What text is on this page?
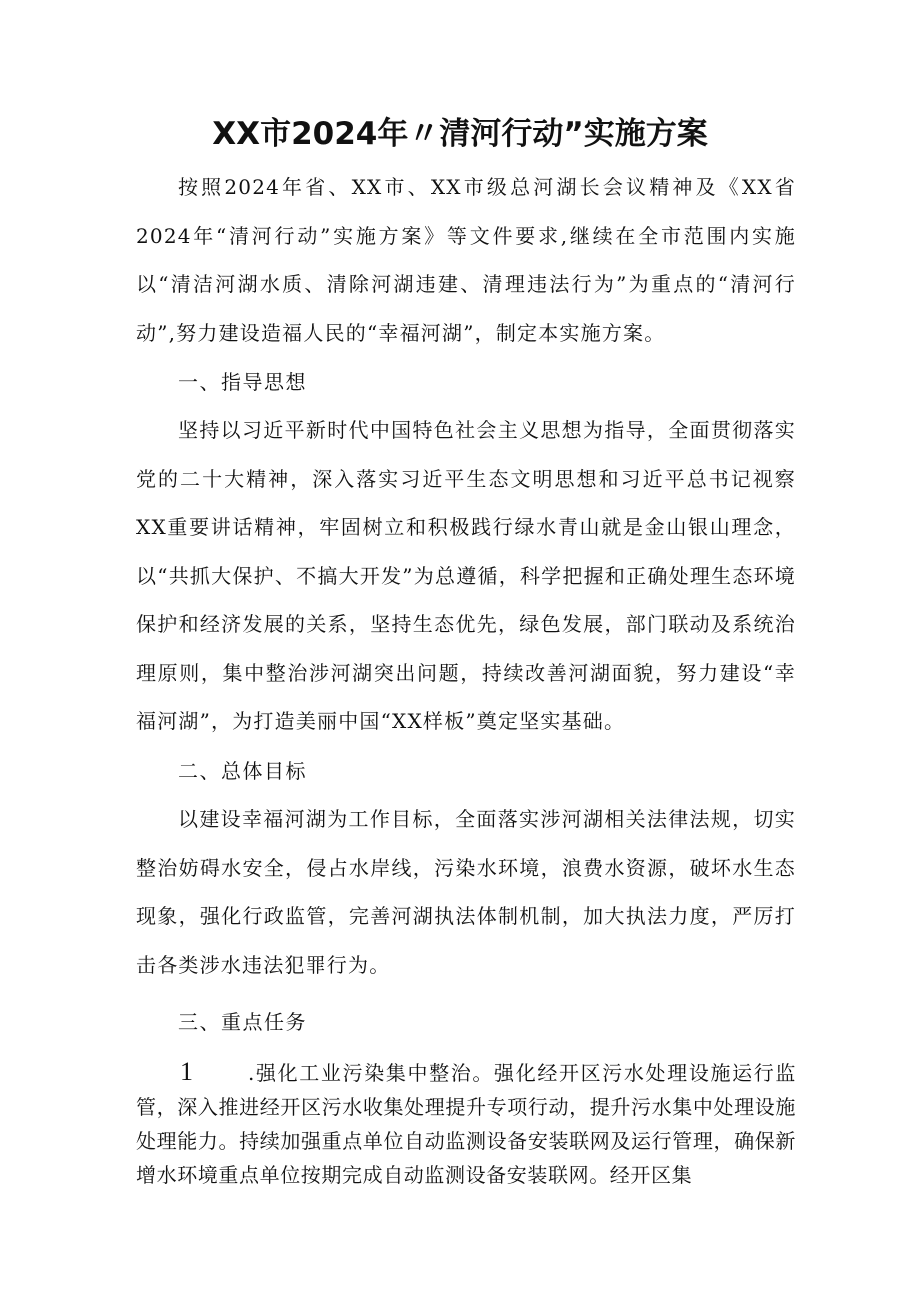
XX市2024年〃清河行动”实施方案

按照2024年省、XX市、XX市级总河湖长会议精神及《XX省2024年“清河行动”实施方案》等文件要求,继续在全市范围内实施以“清洁河湖水质、清除河湖违建、清理违法行为”为重点的“清河行动”,努力建设造福人民的“幸福河湖”，制定本实施方案。

一、指导思想

坚持以习近平新时代中国特色社会主义思想为指导，全面贯彻落实党的二十大精神，深入落实习近平生态文明思想和习近平总书记视察XX重要讲话精神，牢固树立和积极践行绿水青山就是金山银山理念，以“共抓大保护、不搞大开发”为总遵循，科学把握和正确处理生态环境保护和经济发展的关系，坚持生态优先，绿色发展，部门联动及系统治理原则，集中整治涉河湖突出问题，持续改善河湖面貌，努力建设“幸福河湖”，为打造美丽中国“XX样板”奠定坚实基础。

二、总体目标

以建设幸福河湖为工作目标，全面落实涉河湖相关法律法规，切实整治妨碍水安全，侵占水岸线，污染水环境，浪费水资源，破坏水生态现象，强化行政监管，完善河湖执法体制机制，加大执法力度，严厉打击各类涉水违法犯罪行为。

三、重点任务

1	.强化工业污染集中整治。强化经开区污水处理设施运行监管，深入推进经开区污水收集处理提升专项行动，提升污水集中处理设施处理能力。持续加强重点单位自动监测设备安装联网及运行管理，确保新增水环境重点单位按期完成自动监测设备安装联网。经开区集
